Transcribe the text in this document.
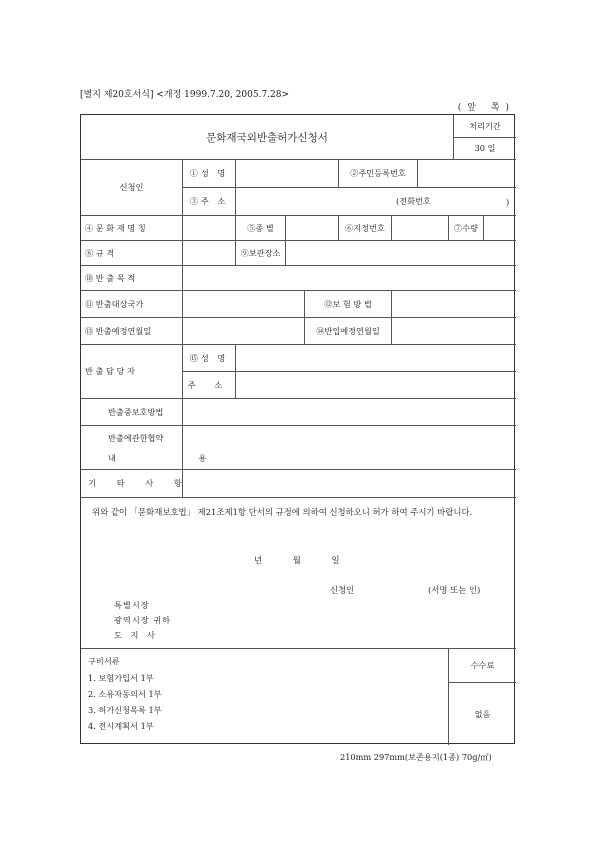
[별지 제20호서식] <개정 1999.7.20, 2005.7.28>
(앞 쪽)
문화재국외반출허가신청서
처리기간
30 일
신청인
①성 명	②주민등록번호
③주 소	(전화번호	)
④ 문 화 재 명 칭	⑤종 별	⑥지정번호	⑦수량
⑧ 규 격	⑨보관장소
⑩ 반 출 목 적
⑪ 반출대상국가	⑫보 험 방 법
⑬ 반출예정연월일	⑭반입예정연월일
반 출 담 당 자
⑮성 명
주 소
반출중보호방법
반출에관한협약
내 용
기 타 사 항
수수료
없음
위와 같이 「문화재보호법」 제21조제1항 단서의 규정에 의하여 신청하오니 허가 하여 주시기 바랍니다.
년 월 일
신청인	(서명 또는 인)
특별시장
광역시장 귀하
도 지 사
구비서류
1. 보험가입서 1부
2. 소유자동의서 1부
3. 허가신청목록 1부
4. 전시계획서 1부
210mm 297mm(보존용지(1종) 70g/㎡)
